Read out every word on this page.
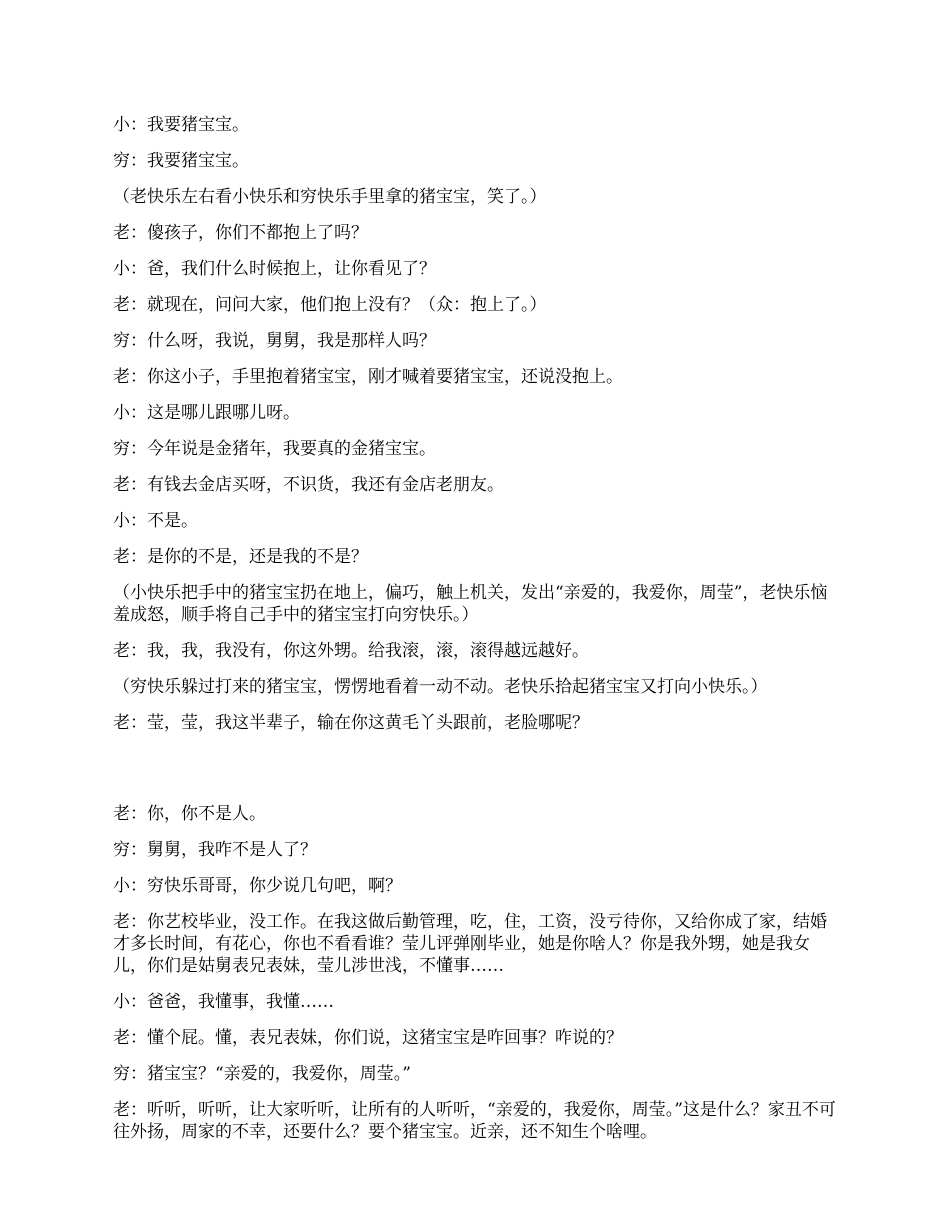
小：我要猪宝宝。

穷：我要猪宝宝。

（老快乐左右看小快乐和穷快乐手里拿的猪宝宝，笑了。）

老：傻孩子，你们不都抱上了吗？

小：爸，我们什么时候抱上，让你看见了？

老：就现在，问问大家，他们抱上没有？（众：抱上了。）

穷：什么呀，我说，舅舅，我是那样人吗？

老：你这小子，手里抱着猪宝宝，刚才喊着要猪宝宝，还说没抱上。

小：这是哪儿跟哪儿呀。

穷：今年说是金猪年，我要真的金猪宝宝。

老：有钱去金店买呀，不识货，我还有金店老朋友。

小：不是。

老：是你的不是，还是我的不是？

（小快乐把手中的猪宝宝扔在地上，偏巧，触上机关，发出“亲爱的，我爱你，周莹”，老快乐恼羞成怒，顺手将自己手中的猪宝宝打向穷快乐。）

老：我，我，我没有，你这外甥。给我滚，滚，滚得越远越好。

（穷快乐躲过打来的猪宝宝，愣愣地看着一动不动。老快乐拾起猪宝宝又打向小快乐。）

老：莹，莹，我这半辈子，输在你这黄毛丫头跟前，老脸哪呢？

老：你，你不是人。

穷：舅舅，我咋不是人了？

小：穷快乐哥哥，你少说几句吧，啊？

老：你艺校毕业，没工作。在我这做后勤管理，吃，住，工资，没亏待你，又给你成了家，结婚才多长时间，有花心，你也不看看谁？莹儿评弹刚毕业，她是你啥人？你是我外甥，她是我女儿，你们是姑舅表兄表妹，莹儿涉世浅，不懂事……

小：爸爸，我懂事，我懂……

老：懂个屁。懂，表兄表妹，你们说，这猪宝宝是咋回事？咋说的？

穷：猪宝宝？“亲爱的，我爱你，周莹。”

老：听听，听听，让大家听听，让所有的人听听，“亲爱的，我爱你，周莹。”这是什么？家丑不可往外扬，周家的不幸，还要什么？要个猪宝宝。近亲，还不知生个啥哩。
